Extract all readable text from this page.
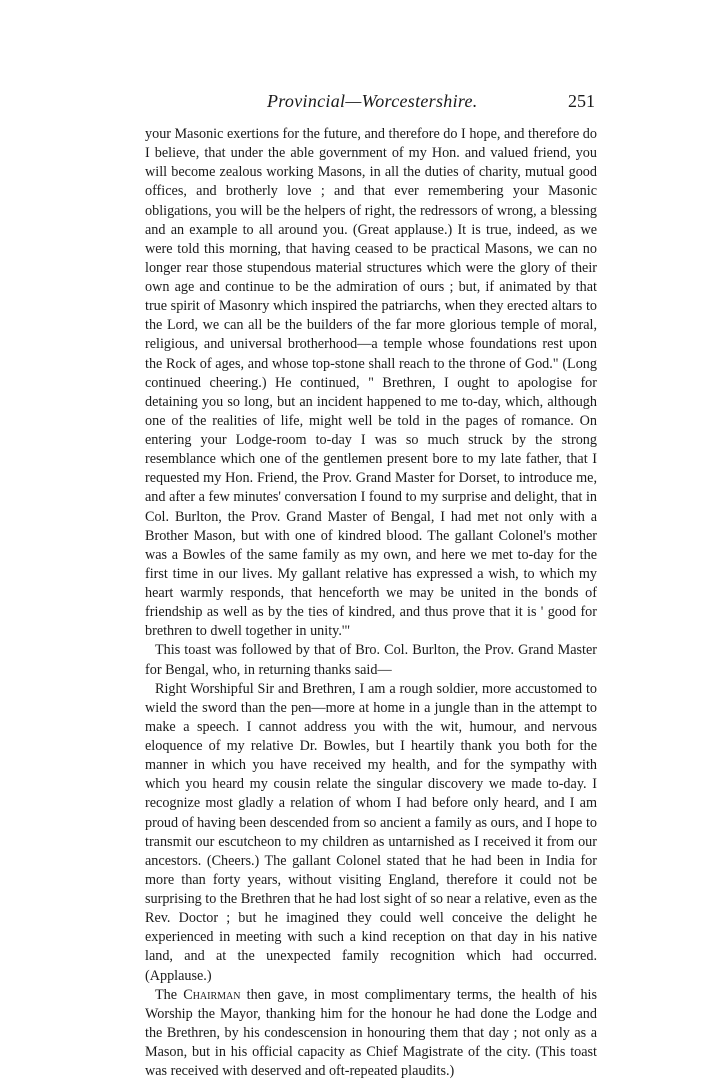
Provincial—Worcestershire.	251

your Masonic exertions for the future, and therefore do I hope, and therefore do I believe, that under the able government of my Hon. and valued friend, you will become zealous working Masons, in all the duties of charity, mutual good offices, and brotherly love ; and that ever remembering your Masonic obligations, you will be the helpers of right, the redressors of wrong, a blessing and an example to all around you. (Great applause.) It is true, indeed, as we were told this morning, that having ceased to be practical Masons, we can no longer rear those stupendous material structures which were the glory of their own age and continue to be the admiration of ours ; but, if animated by that true spirit of Masonry which inspired the patriarchs, when they erected altars to the Lord, we can all be the builders of the far more glorious temple of moral, religious, and universal brotherhood—a temple whose foundations rest upon the Rock of ages, and whose top-stone shall reach to the throne of God." (Long continued cheering.) He continued, " Brethren, I ought to apologise for detaining you so long, but an incident happened to me to-day, which, although one of the realities of life, might well be told in the pages of romance. On entering your Lodge-room to-day I was so much struck by the strong resemblance which one of the gentlemen present bore to my late father, that I requested my Hon. Friend, the Prov. Grand Master for Dorset, to introduce me, and after a few minutes' conversation I found to my surprise and delight, that in Col. Burlton, the Prov. Grand Master of Bengal, I had met not only with a Brother Mason, but with one of kindred blood. The gallant Colonel's mother was a Bowles of the same family as my own, and here we met to-day for the first time in our lives. My gallant relative has expressed a wish, to which my heart warmly responds, that henceforth we may be united in the bonds of friendship as well as by the ties of kindred, and thus prove that it is ' good for brethren to dwell together in unity.'"

This toast was followed by that of Bro. Col. Burlton, the Prov. Grand Master for Bengal, who, in returning thanks said—

Right Worshipful Sir and Brethren, I am a rough soldier, more accustomed to wield the sword than the pen—more at home in a jungle than in the attempt to make a speech. I cannot address you with the wit, humour, and nervous eloquence of my relative Dr. Bowles, but I heartily thank you both for the manner in which you have received my health, and for the sympathy with which you heard my cousin relate the singular discovery we made to-day. I recognize most gladly a relation of whom I had before only heard, and I am proud of having been descended from so ancient a family as ours, and I hope to transmit our escutcheon to my children as untarnished as I received it from our ancestors. (Cheers.) The gallant Colonel stated that he had been in India for more than forty years, without visiting England, therefore it could not be surprising to the Brethren that he had lost sight of so near a relative, even as the Rev. Doctor ; but he imagined they could well conceive the delight he experienced in meeting with such a kind reception on that day in his native land, and at the unexpected family recognition which had occurred. (Applause.)

The Chairman then gave, in most complimentary terms, the health of his Worship the Mayor, thanking him for the honour he had done the Lodge and the Brethren, by his condescension in honouring them that day ; not only as a Mason, but in his official capacity as Chief Magistrate of the city. (This toast was received with deserved and oft-repeated plaudits.)
